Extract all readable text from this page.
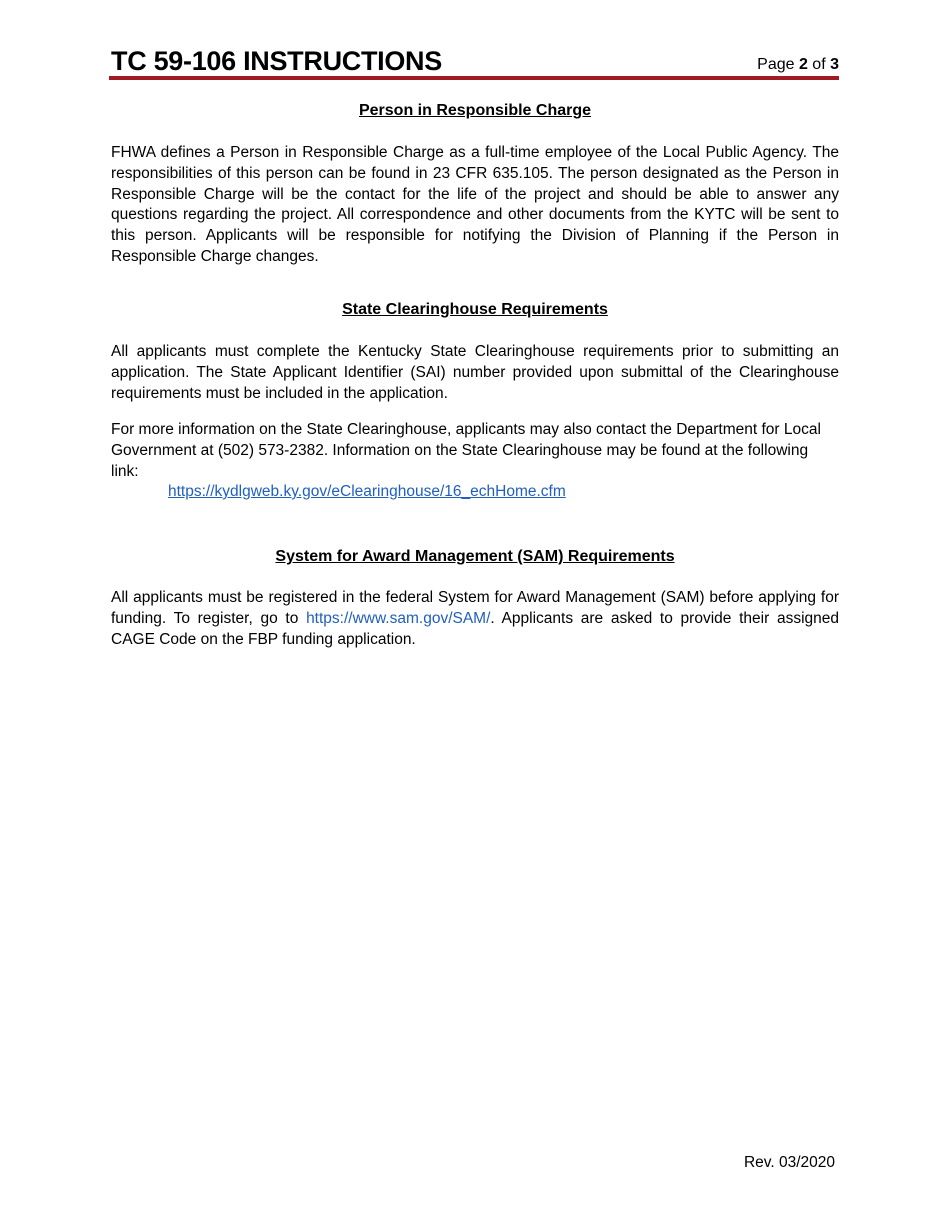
TC 59-106 INSTRUCTIONS	Page 2 of 3
Person in Responsible Charge

FHWA defines a Person in Responsible Charge as a full-time employee of the Local Public Agency. The responsibilities of this person can be found in 23 CFR 635.105. The person designated as the Person in Responsible Charge will be the contact for the life of the project and should be able to answer any questions regarding the project. All correspondence and other documents from the KYTC will be sent to this person. Applicants will be responsible for notifying the Division of Planning if the Person in Responsible Charge changes.

State Clearinghouse Requirements

All applicants must complete the Kentucky State Clearinghouse requirements prior to submitting an application. The State Applicant Identifier (SAI) number provided upon submittal of the Clearinghouse requirements must be included in the application.

For more information on the State Clearinghouse, applicants may also contact the Department for Local Government at (502) 573-2382. Information on the State Clearinghouse may be found at the following link:

https://kydlgweb.ky.gov/eClearinghouse/16_echHome.cfm
System for Award Management (SAM) Requirements

All applicants must be registered in the federal System for Award Management (SAM) before applying for funding. To register, go to https://www.sam.gov/SAM/. Applicants are asked to provide their assigned CAGE Code on the FBP funding application.

Rev. 03/2020
